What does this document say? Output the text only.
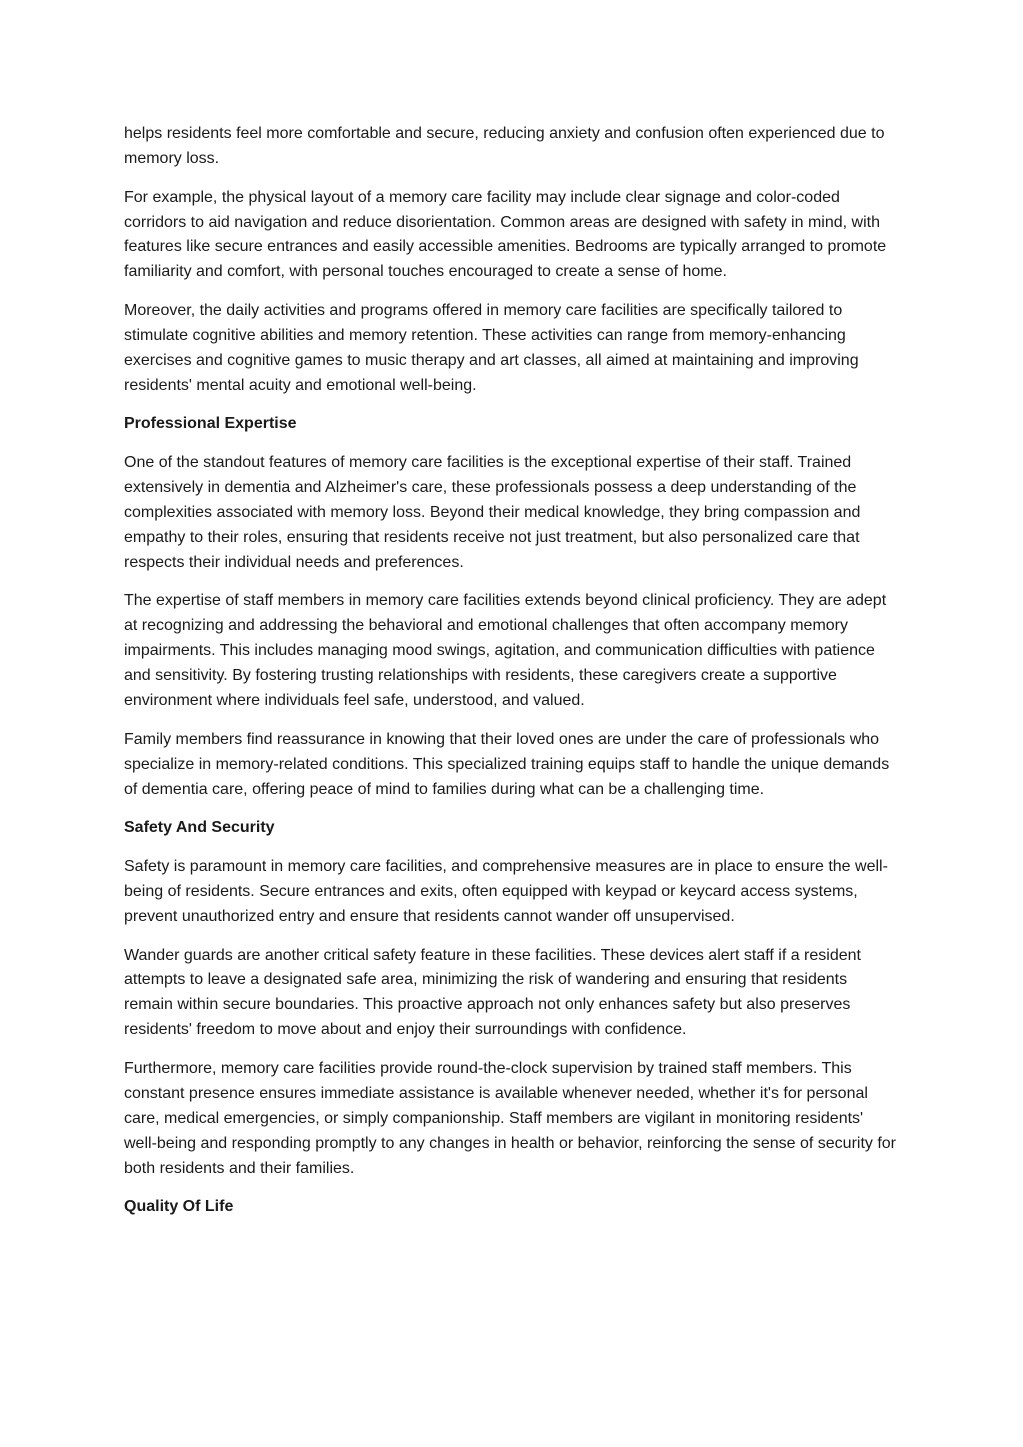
helps residents feel more comfortable and secure, reducing anxiety and confusion often experienced due to memory loss.

For example, the physical layout of a memory care facility may include clear signage and color-coded corridors to aid navigation and reduce disorientation. Common areas are designed with safety in mind, with features like secure entrances and easily accessible amenities. Bedrooms are typically arranged to promote familiarity and comfort, with personal touches encouraged to create a sense of home.

Moreover, the daily activities and programs offered in memory care facilities are specifically tailored to stimulate cognitive abilities and memory retention. These activities can range from memory-enhancing exercises and cognitive games to music therapy and art classes, all aimed at maintaining and improving residents' mental acuity and emotional well-being.

Professional Expertise

One of the standout features of memory care facilities is the exceptional expertise of their staff. Trained extensively in dementia and Alzheimer's care, these professionals possess a deep understanding of the complexities associated with memory loss. Beyond their medical knowledge, they bring compassion and empathy to their roles, ensuring that residents receive not just treatment, but also personalized care that respects their individual needs and preferences.

The expertise of staff members in memory care facilities extends beyond clinical proficiency. They are adept at recognizing and addressing the behavioral and emotional challenges that often accompany memory impairments. This includes managing mood swings, agitation, and communication difficulties with patience and sensitivity. By fostering trusting relationships with residents, these caregivers create a supportive environment where individuals feel safe, understood, and valued.

Family members find reassurance in knowing that their loved ones are under the care of professionals who specialize in memory-related conditions. This specialized training equips staff to handle the unique demands of dementia care, offering peace of mind to families during what can be a challenging time.

Safety And Security

Safety is paramount in memory care facilities, and comprehensive measures are in place to ensure the well-being of residents. Secure entrances and exits, often equipped with keypad or keycard access systems, prevent unauthorized entry and ensure that residents cannot wander off unsupervised.

Wander guards are another critical safety feature in these facilities. These devices alert staff if a resident attempts to leave a designated safe area, minimizing the risk of wandering and ensuring that residents remain within secure boundaries. This proactive approach not only enhances safety but also preserves residents' freedom to move about and enjoy their surroundings with confidence.

Furthermore, memory care facilities provide round-the-clock supervision by trained staff members. This constant presence ensures immediate assistance is available whenever needed, whether it's for personal care, medical emergencies, or simply companionship. Staff members are vigilant in monitoring residents' well-being and responding promptly to any changes in health or behavior, reinforcing the sense of security for both residents and their families.

Quality Of Life
